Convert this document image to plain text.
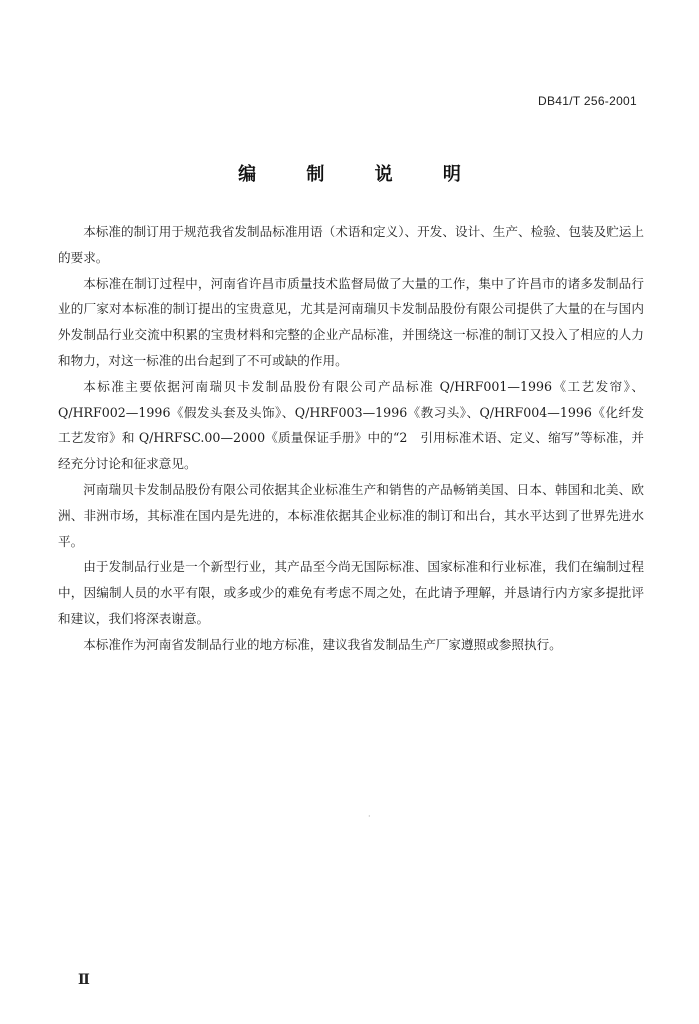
DB41/T 256-2001
编 制 说 明

本标准的制订用于规范我省发制品标准用语（术语和定义）、开发、设计、生产、检验、包装及贮运上的要求。

本标准在制订过程中，河南省许昌市质量技术监督局做了大量的工作，集中了许昌市的诸多发制品行业的厂家对本标准的制订提出的宝贵意见，尤其是河南瑞贝卡发制品股份有限公司提供了大量的在与国内外发制品行业交流中积累的宝贵材料和完整的企业产品标准，并围绕这一标准的制订又投入了相应的人力和物力，对这一标准的出台起到了不可或缺的作用。

本标准主要依据河南瑞贝卡发制品股份有限公司产品标准 Q/HRF001—1996《工艺发帘》、Q/HRF002—1996《假发头套及头饰》、Q/HRF003—1996《教习头》、Q/HRF004—1996《化纤发工艺发帘》和 Q/HRFSC.00—2000《质量保证手册》中的“2　引用标准术语、定义、缩写”等标准，并经充分讨论和征求意见。

河南瑞贝卡发制品股份有限公司依据其企业标准生产和销售的产品畅销美国、日本、韩国和北美、欧洲、非洲市场，其标准在国内是先进的，本标准依据其企业标准的制订和出台，其水平达到了世界先进水平。

由于发制品行业是一个新型行业，其产品至今尚无国际标准、国家标准和行业标准，我们在编制过程中，因编制人员的水平有限，或多或少的难免有考虑不周之处，在此请予理解，并恳请行内方家多提批评和建议，我们将深表谢意。

本标准作为河南省发制品行业的地方标准，建议我省发制品生产厂家遵照或参照执行。

·
Ⅱ
